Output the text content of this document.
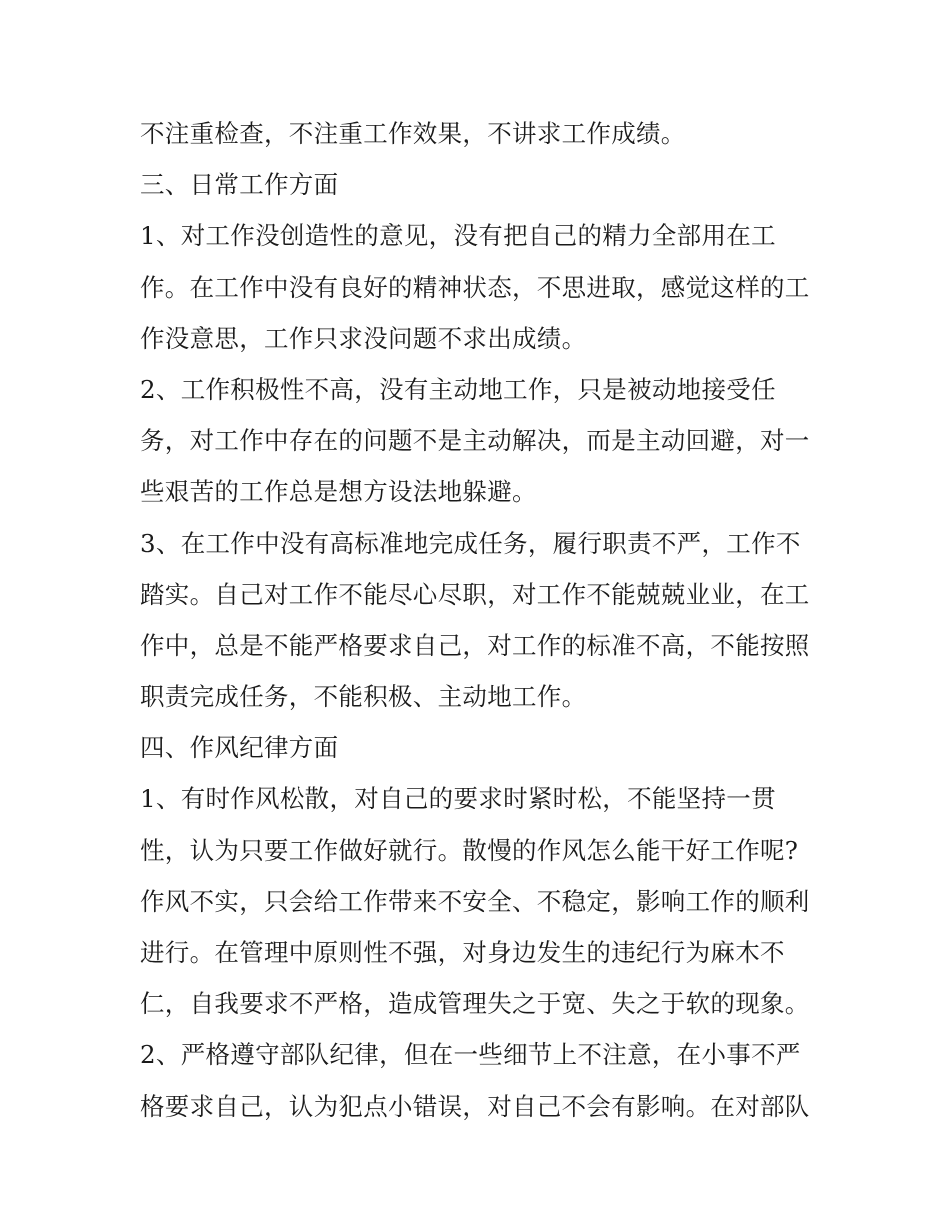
不注重检查，不注重工作效果，不讲求工作成绩。
三、日常工作方面
1、对工作没创造性的意见，没有把自己的精力全部用在工
作。在工作中没有良好的精神状态，不思进取，感觉这样的工
作没意思，工作只求没问题不求出成绩。
2、工作积极性不高，没有主动地工作，只是被动地接受任
务，对工作中存在的问题不是主动解决，而是主动回避，对一
些艰苦的工作总是想方设法地躲避。
3、在工作中没有高标准地完成任务，履行职责不严，工作不
踏实。自己对工作不能尽心尽职，对工作不能兢兢业业，在工
作中，总是不能严格要求自己，对工作的标准不高，不能按照
职责完成任务，不能积极、主动地工作。
四、作风纪律方面
1、有时作风松散，对自己的要求时紧时松，不能坚持一贯
性，认为只要工作做好就行。散慢的作风怎么能干好工作呢?
作风不实，只会给工作带来不安全、不稳定，影响工作的顺利
进行。在管理中原则性不强，对身边发生的违纪行为麻木不
仁，自我要求不严格，造成管理失之于宽、失之于软的现象。
2、严格遵守部队纪律，但在一些细节上不注意，在小事不严
格要求自己，认为犯点小错误，对自己不会有影响。在对部队
